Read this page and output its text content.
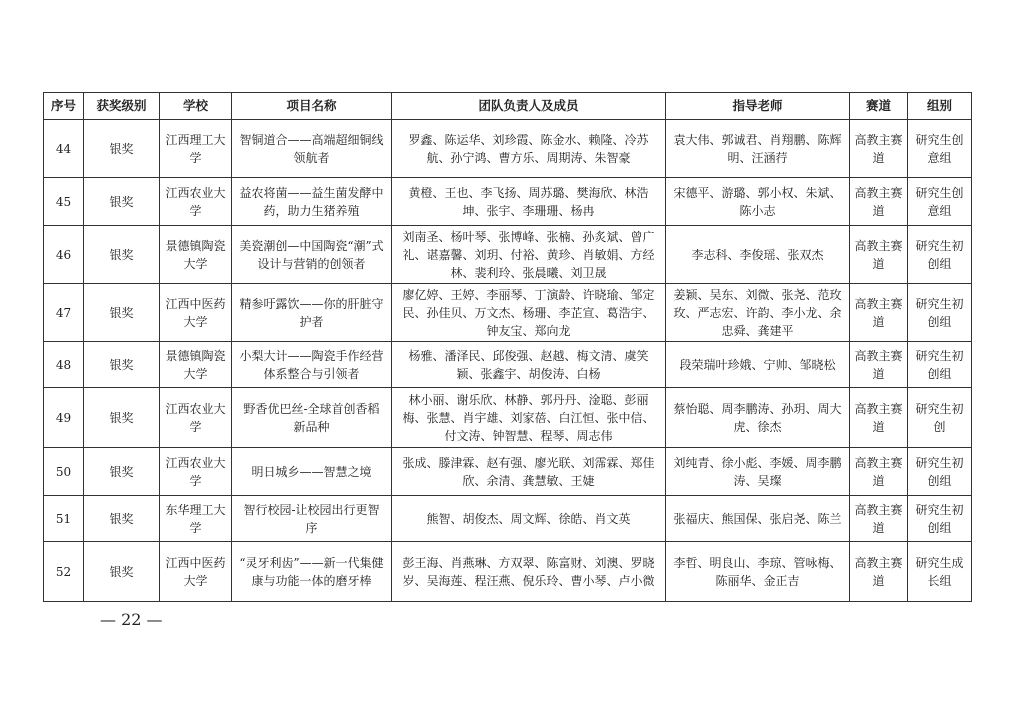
序号	获奖级别	学校	项目名称	团队负责人及成员	指导老师	赛道	组别
44	银奖	江西理工大学	智铜道合——高端超细铜线领航者	罗鑫、陈运华、刘珍霞、陈金水、赖隆、冷苏航、孙宁鸿、曹方乐、周期涛、朱智豪	袁大伟、郭诚君、肖翔鹏、陈辉明、汪涵荇	高教主赛道	研究生创意组
45	银奖	江西农业大学	益农将菌——益生菌发酵中药，助力生猪养殖	黄橙、王也、李飞扬、周苏璐、樊海欣、林浩坤、张宇、李珊珊、杨冉	宋德平、游璐、郭小权、朱斌、陈小志	高教主赛道	研究生创意组
46	银奖	景德镇陶瓷大学	美瓷潮创—中国陶瓷“潮”式设计与营销的创领者	刘南圣、杨叶琴、张博峰、张楠、孙炙斌、曾广礼、谌嘉馨、刘玥、付裕、黄珍、肖敏娟、方经林、裴利玲、张晨曦、刘卫晟	李志科、李俊瑶、张双杰	高教主赛道	研究生初创组
47	银奖	江西中医药大学	精参吁露饮——你的肝脏守护者	廖亿婷、王婷、李丽琴、丁演龄、许晓瑜、邹定民、孙佳贝、万文杰、杨珊、李芷宣、葛浩宇、钟友宝、郑向龙	姜颖、吴东、刘微、张尧、范玫玫、严志宏、许韵、李小龙、余忠舜、龚建平	高教主赛道	研究生初创组
48	银奖	景德镇陶瓷大学	小梨大计——陶瓷手作经营体系整合与引领者	杨雅、潘泽民、邱俊强、赵越、梅文清、虞笑颖、张鑫宇、胡俊涛、白杨	段荣瑞叶珍娥、宁帅、邹晓松	高教主赛道	研究生初创组
49	银奖	江西农业大学	野香优巴丝-全球首创香稻新品种	林小丽、谢乐欣、林静、郭丹丹、淦聪、彭丽梅、张慧、肖宇雄、刘家蓓、白江恒、张中信、付文涛、钟智慧、程琴、周志伟	蔡怡聪、周李鹏涛、孙玥、周大虎、徐杰	高教主赛道	研究生初创
50	银奖	江西农业大学	明日城乡——智慧之境	张成、滕津霖、赵有强、廖光联、刘霈霖、郑佳欣、余清、龚慧敏、王婕	刘纯青、徐小彪、李媛、周李鹏涛、吴璨	高教主赛道	研究生初创组
51	银奖	东华理工大学	智行校园-让校园出行更智序	熊智、胡俊杰、周文辉、徐皓、肖文英	张福庆、熊国保、张启尧、陈兰	高教主赛道	研究生初创组
52	银奖	江西中医药大学	“灵牙利齿”——新一代集健康与功能一体的磨牙棒	彭王海、肖燕琳、方双翠、陈富财、刘澳、罗晓岁、吴海莲、程汪燕、倪乐玲、曹小琴、卢小微	李哲、明良山、李琼、管咏梅、陈丽华、金正吉	高教主赛道	研究生成长组
— 22 —
